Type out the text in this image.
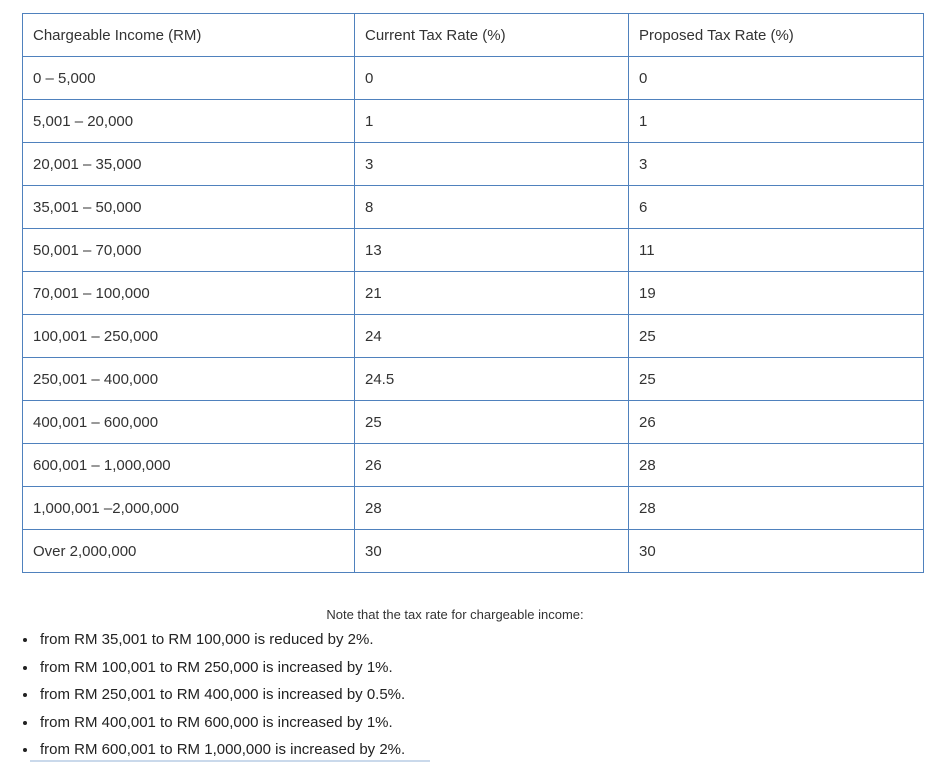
Chargeable Income (RM)	Current Tax Rate (%)	Proposed Tax Rate (%)
0 – 5,000	0	0
5,001 – 20,000	1	1
20,001 – 35,000	3	3
35,001 – 50,000	8	6
50,001 – 70,000	13	11
70,001 – 100,000	21	19
100,001 – 250,000	24	25
250,001 – 400,000	24.5	25
400,001 – 600,000	25	26
600,001 – 1,000,000	26	28
1,000,001 –2,000,000	28	28
Over 2,000,000	30	30
Note that the tax rate for chargeable income:
• from RM 35,001 to RM 100,000 is reduced by 2%.
• from RM 100,001 to RM 250,000 is increased by 1%.
• from RM 250,001 to RM 400,000 is increased by 0.5%.
• from RM 400,001 to RM 600,000 is increased by 1%.
• from RM 600,001 to RM 1,000,000 is increased by 2%.
